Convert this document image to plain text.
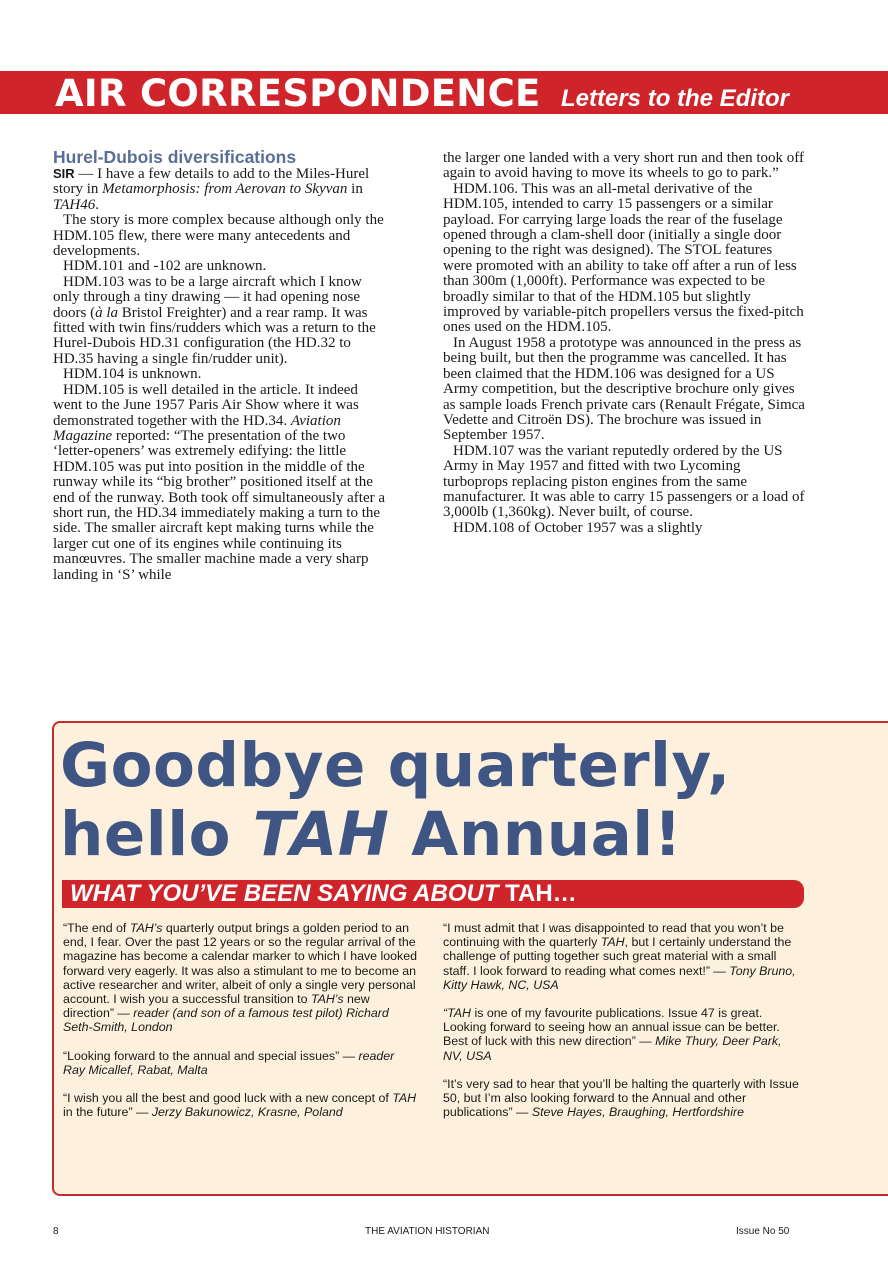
AIR CORRESPONDENCE Letters to the Editor
Hurel-Dubois diversifications

SIR — I have a few details to add to the Miles-Hurel story in Metamorphosis: from Aerovan to Skyvan in TAH46.

The story is more complex because although only the HDM.105 flew, there were many antecedents and developments.

HDM.101 and -102 are unknown.

HDM.103 was to be a large aircraft which I know only through a tiny drawing — it had opening nose doors (à la Bristol Freighter) and a rear ramp. It was fitted with twin fins/rudders which was a return to the Hurel-Dubois HD.31 configuration (the HD.32 to HD.35 having a single fin/rudder unit).

HDM.104 is unknown.

HDM.105 is well detailed in the article. It indeed went to the June 1957 Paris Air Show where it was demonstrated together with the HD.34. Aviation Magazine reported: “The presentation of the two ‘letter-openers’ was extremely edifying: the little HDM.105 was put into position in the middle of the runway while its “big brother” positioned itself at the end of the runway. Both took off simultaneously after a short run, the HD.34 immediately making a turn to the side. The smaller aircraft kept making turns while the larger cut one of its engines while continuing its manœuvres. The smaller machine made a very sharp landing in ‘S’ while

the larger one landed with a very short run and then took off again to avoid having to move its wheels to go to park.”

HDM.106. This was an all-metal derivative of the HDM.105, intended to carry 15 passengers or a similar payload. For carrying large loads the rear of the fuselage opened through a clam-shell door (initially a single door opening to the right was designed). The STOL features were promoted with an ability to take off after a run of less than 300m (1,000ft). Performance was expected to be broadly similar to that of the HDM.105 but slightly improved by variable-pitch propellers versus the fixed-pitch ones used on the HDM.105.

In August 1958 a prototype was announced in the press as being built, but then the programme was cancelled. It has been claimed that the HDM.106 was designed for a US Army competition, but the descriptive brochure only gives as sample loads French private cars (Renault Frégate, Simca Vedette and Citroën DS). The brochure was issued in September 1957.

HDM.107 was the variant reputedly ordered by the US Army in May 1957 and fitted with two Lycoming turboprops replacing piston engines from the same manufacturer. It was able to carry 15 passengers or a load of 3,000lb (1,360kg). Never built, of course.

HDM.108 of October 1957 was a slightly

Goodbye quarterly,
hello TAH Annual!
WHAT YOU’VE BEEN SAYING ABOUT TAH…
“The end of TAH’s quarterly output brings a golden period to an end, I fear. Over the past 12 years or so the regular arrival of the magazine has become a calendar marker to which I have looked forward very eagerly. It was also a stimulant to me to become an active researcher and writer, albeit of only a single very personal account. I wish you a successful transition to TAH’s new direction” — reader (and son of a famous test pilot) Richard Seth-Smith, London
“Looking forward to the annual and special issues” — reader Ray Micallef, Rabat, Malta
“I wish you all the best and good luck with a new concept of TAH in the future” — Jerzy Bakunowicz, Krasne, Poland
“I must admit that I was disappointed to read that you won’t be continuing with the quarterly TAH, but I certainly understand the challenge of putting together such great material with a small staff. I look forward to reading what comes next!” — Tony Bruno, Kitty Hawk, NC, USA
“TAH is one of my favourite publications. Issue 47 is great. Looking forward to seeing how an annual issue can be better. Best of luck with this new direction” — Mike Thury, Deer Park, NV, USA
“It’s very sad to hear that you’ll be halting the quarterly with Issue 50, but I’m also looking forward to the Annual and other publications” — Steve Hayes, Braughing, Hertfordshire
8	THE AVIATION HISTORIAN	Issue No 50
